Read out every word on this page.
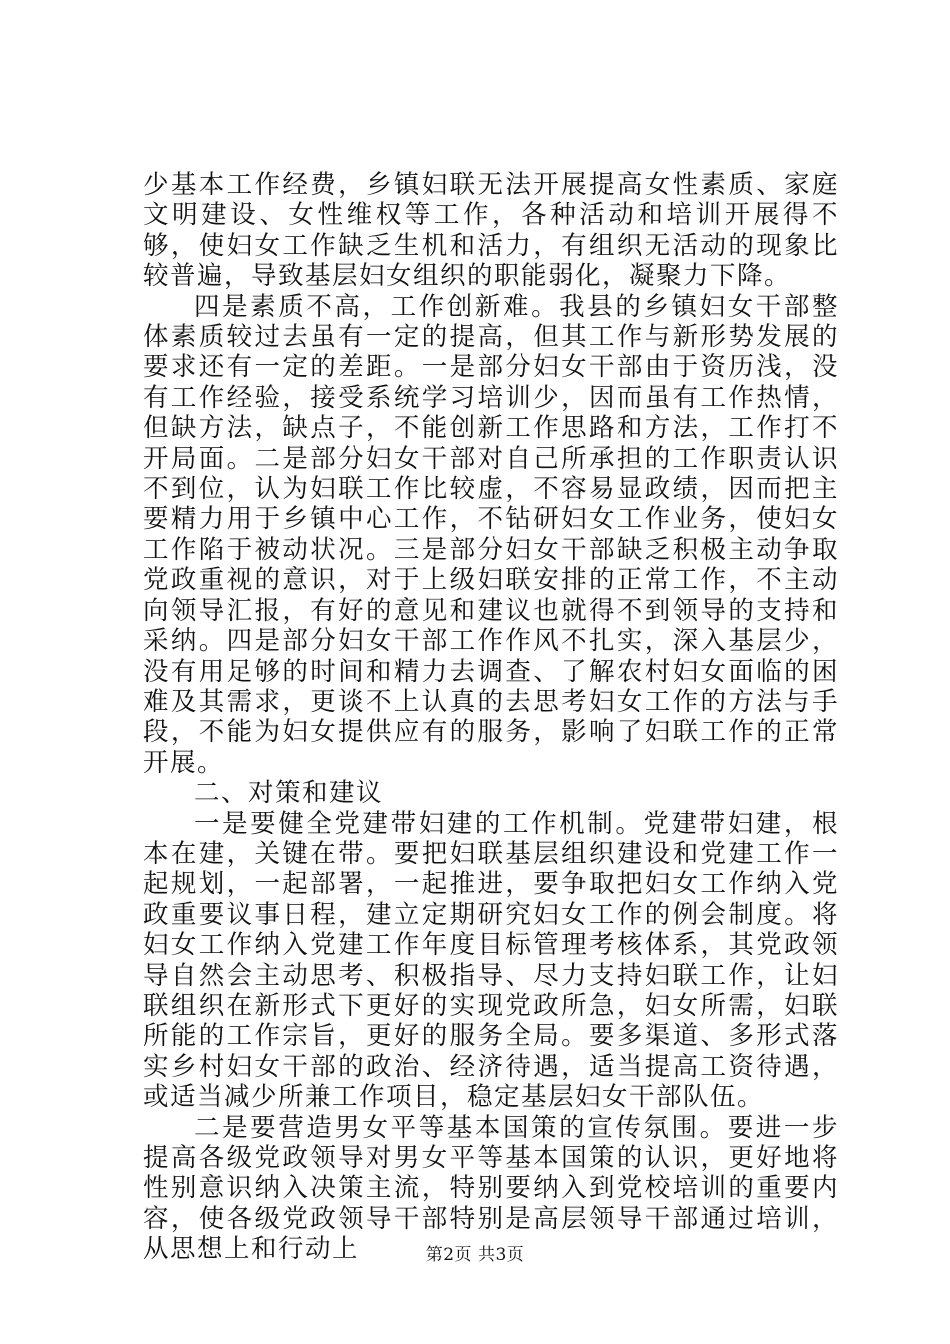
少基本工作经费，乡镇妇联无法开展提高女性素质、家庭文明建设、女性维权等工作，各种活动和培训开展得不够，使妇女工作缺乏生机和活力，有组织无活动的现象比较普遍，导致基层妇女组织的职能弱化，凝聚力下降。

四是素质不高，工作创新难。我县的乡镇妇女干部整体素质较过去虽有一定的提高，但其工作与新形势发展的要求还有一定的差距。一是部分妇女干部由于资历浅，没有工作经验，接受系统学习培训少，因而虽有工作热情，但缺方法，缺点子，不能创新工作思路和方法，工作打不开局面。二是部分妇女干部对自己所承担的工作职责认识不到位，认为妇联工作比较虚，不容易显政绩，因而把主要精力用于乡镇中心工作，不钻研妇女工作业务，使妇女工作陷于被动状况。三是部分妇女干部缺乏积极主动争取党政重视的意识，对于上级妇联安排的正常工作，不主动向领导汇报，有好的意见和建议也就得不到领导的支持和采纳。四是部分妇女干部工作作风不扎实，深入基层少，没有用足够的时间和精力去调查、了解农村妇女面临的困难及其需求，更谈不上认真的去思考妇女工作的方法与手段，不能为妇女提供应有的服务，影响了妇联工作的正常开展。

二、对策和建议

一是要健全党建带妇建的工作机制。党建带妇建，根本在建，关键在带。要把妇联基层组织建设和党建工作一起规划，一起部署，一起推进，要争取把妇女工作纳入党政重要议事日程，建立定期研究妇女工作的例会制度。将妇女工作纳入党建工作年度目标管理考核体系，其党政领导自然会主动思考、积极指导、尽力支持妇联工作，让妇联组织在新形式下更好的实现党政所急，妇女所需，妇联所能的工作宗旨，更好的服务全局。要多渠道、多形式落实乡村妇女干部的政治、经济待遇，适当提高工资待遇，或适当减少所兼工作项目，稳定基层妇女干部队伍。

二是要营造男女平等基本国策的宣传氛围。要进一步提高各级党政领导对男女平等基本国策的认识，更好地将性别意识纳入决策主流，特别要纳入到党校培训的重要内容，使各级党政领导干部特别是高层领导干部通过培训，从思想上和行动上	第2页 共3页
